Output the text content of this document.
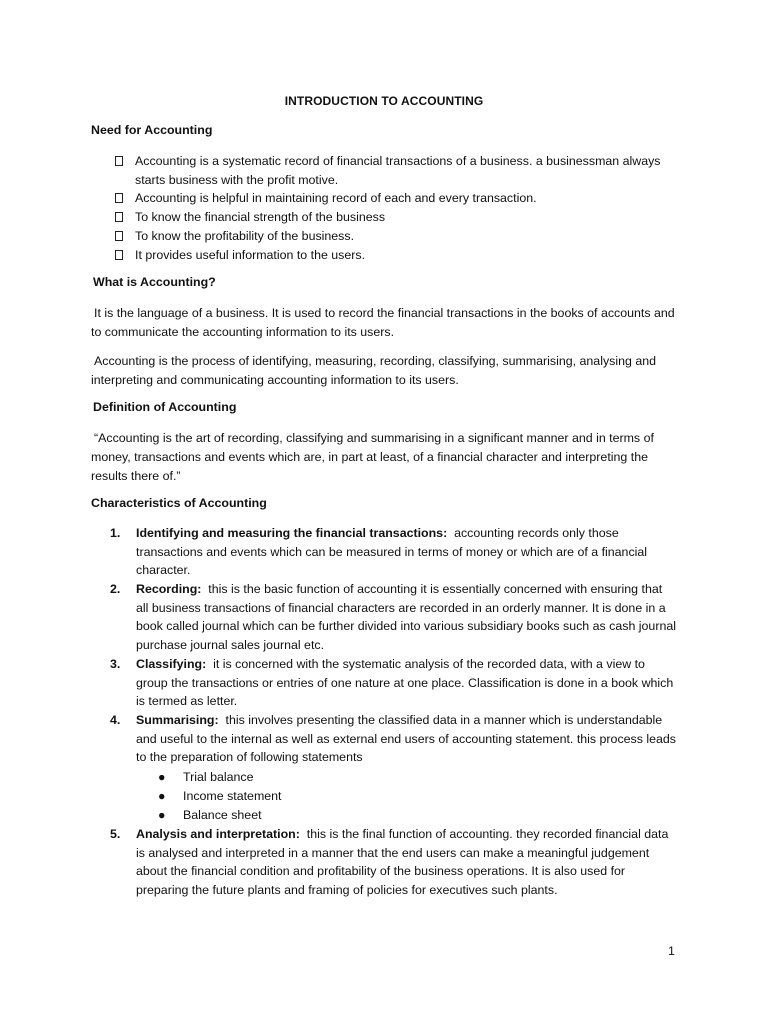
INTRODUCTION TO ACCOUNTING
Need for Accounting
Accounting is a systematic record of financial transactions of a business. a businessman always starts business with the profit motive.
Accounting is helpful in maintaining record of each and every transaction.
To know the financial strength of the business
To know the profitability of the business.
It provides useful information to the users.
What is Accounting?
It is the language of a business. It is used to record the financial transactions in the books of accounts and to communicate the accounting information to its users.
Accounting is the process of identifying, measuring, recording, classifying, summarising, analysing and interpreting and communicating accounting information to its users.
Definition of Accounting
“Accounting is the art of recording, classifying and summarising in a significant manner and in terms of money, transactions and events which are, in part at least, of a financial character and interpreting the results there of.”
Characteristics of Accounting
1. Identifying and measuring the financial transactions: accounting records only those transactions and events which can be measured in terms of money or which are of a financial character.
2. Recording: this is the basic function of accounting it is essentially concerned with ensuring that all business transactions of financial characters are recorded in an orderly manner. It is done in a book called journal which can be further divided into various subsidiary books such as cash journal purchase journal sales journal etc.
3. Classifying: it is concerned with the systematic analysis of the recorded data, with a view to group the transactions or entries of one nature at one place. Classification is done in a book which is termed as letter.
4. Summarising: this involves presenting the classified data in a manner which is understandable and useful to the internal as well as external end users of accounting statement. this process leads to the preparation of following statements
● Trial balance
● Income statement
● Balance sheet
5. Analysis and interpretation: this is the final function of accounting. they recorded financial data is analysed and interpreted in a manner that the end users can make a meaningful judgement about the financial condition and profitability of the business operations. It is also used for preparing the future plants and framing of policies for executives such plants.
1
